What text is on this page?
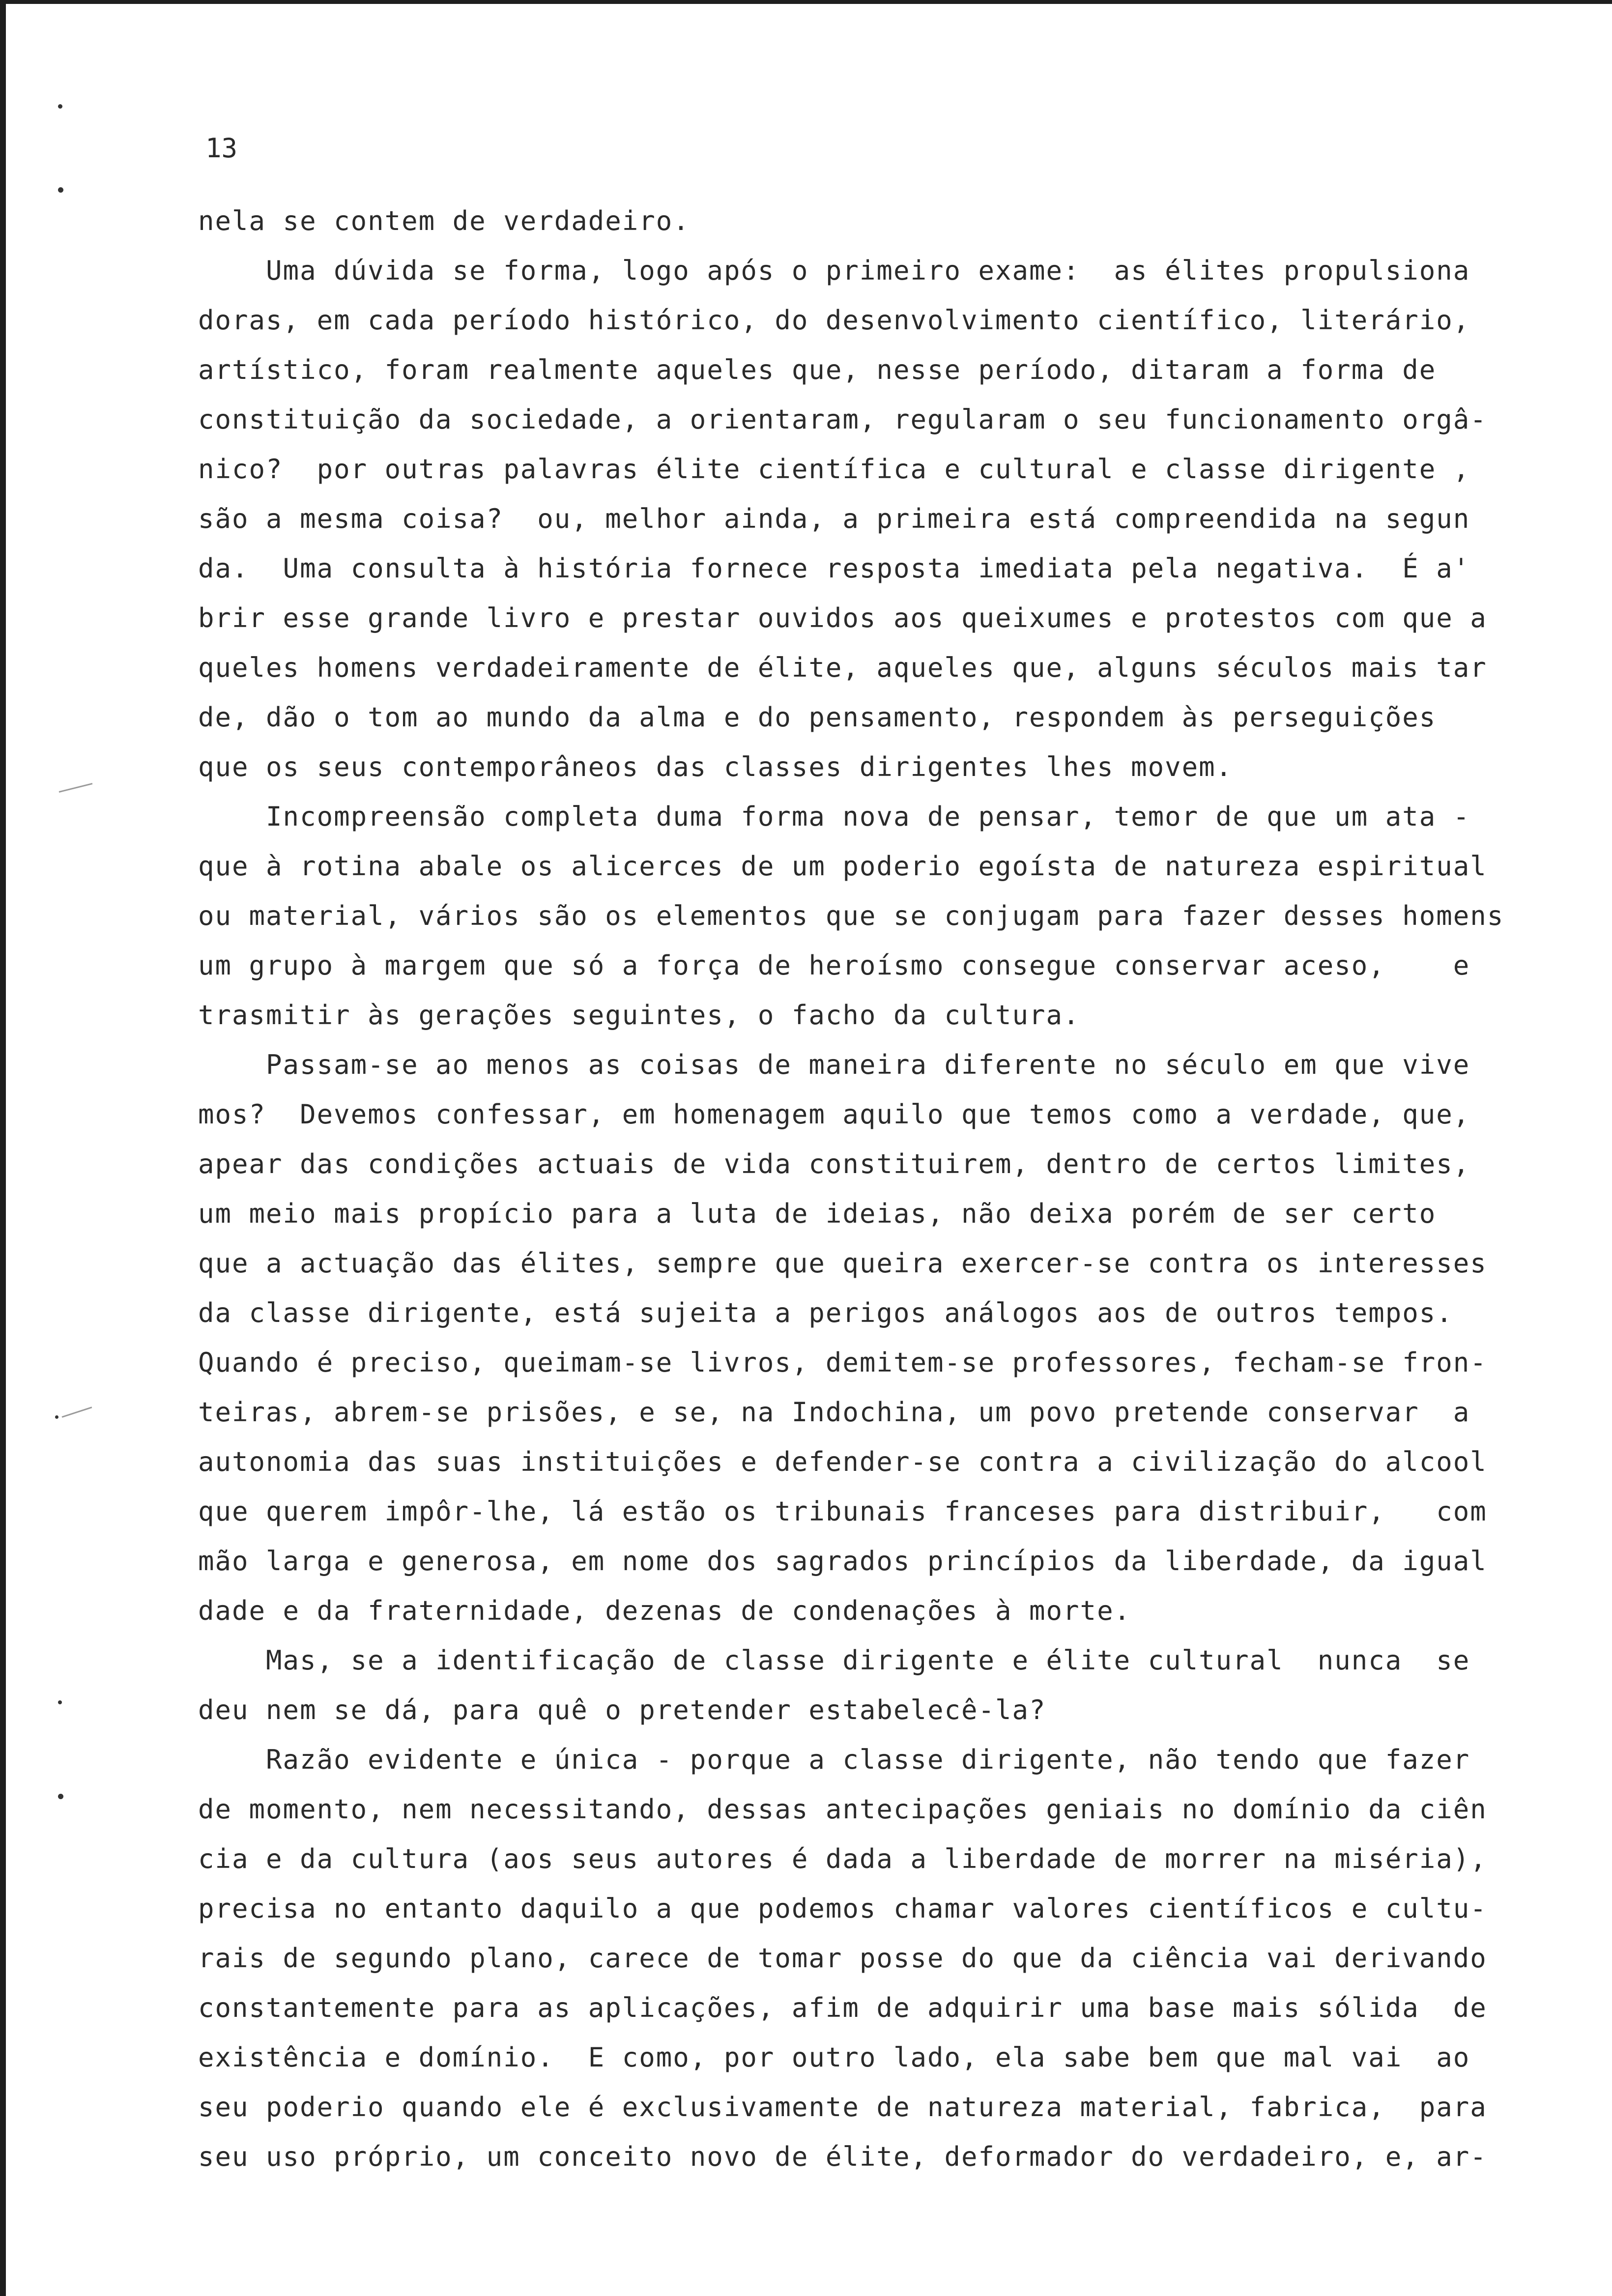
13
nela se contem de verdadeiro.
Uma dúvida se forma, logo após o primeiro exame:  as élites propulsiona
doras, em cada período histórico, do desenvolvimento científico, literário,
artístico, foram realmente aqueles que, nesse período, ditaram a forma de
constituição da sociedade, a orientaram, regularam o seu funcionamento orgâ-
nico?  por outras palavras élite científica e cultural e classe dirigente ,
são a mesma coisa?  ou, melhor ainda, a primeira está compreendida na segun
da.  Uma consulta à história fornece resposta imediata pela negativa.  É a'
brir esse grande livro e prestar ouvidos aos queixumes e protestos com que a
queles homens verdadeiramente de élite, aqueles que, alguns séculos mais tar
de, dão o tom ao mundo da alma e do pensamento, respondem às perseguições
que os seus contemporâneos das classes dirigentes lhes movem.
Incompreensão completa duma forma nova de pensar, temor de que um ata -
que à rotina abale os alicerces de um poderio egoísta de natureza espiritual
ou material, vários são os elementos que se conjugam para fazer desses homens
um grupo à margem que só a força de heroísmo consegue conservar aceso,    e
trasmitir às gerações seguintes, o facho da cultura.
Passam-se ao menos as coisas de maneira diferente no século em que vive
mos?  Devemos confessar, em homenagem aquilo que temos como a verdade, que,
apear das condições actuais de vida constituirem, dentro de certos limites,
um meio mais propício para a luta de ideias, não deixa porém de ser certo
que a actuação das élites, sempre que queira exercer-se contra os interesses
da classe dirigente, está sujeita a perigos análogos aos de outros tempos.
Quando é preciso, queimam-se livros, demitem-se professores, fecham-se fron-
teiras, abrem-se prisões, e se, na Indochina, um povo pretende conservar  a
autonomia das suas instituições e defender-se contra a civilização do alcool
que querem impôr-lhe, lá estão os tribunais franceses para distribuir,   com
mão larga e generosa, em nome dos sagrados princípios da liberdade, da igual
dade e da fraternidade, dezenas de condenações à morte.
Mas, se a identificação de classe dirigente e élite cultural  nunca  se
deu nem se dá, para quê o pretender estabelecê-la?
Razão evidente e única - porque a classe dirigente, não tendo que fazer
de momento, nem necessitando, dessas antecipações geniais no domínio da ciên
cia e da cultura (aos seus autores é dada a liberdade de morrer na miséria),
precisa no entanto daquilo a que podemos chamar valores científicos e cultu-
rais de segundo plano, carece de tomar posse do que da ciência vai derivando
constantemente para as aplicações, afim de adquirir uma base mais sólida  de
existência e domínio.  E como, por outro lado, ela sabe bem que mal vai  ao
seu poderio quando ele é exclusivamente de natureza material, fabrica,  para
seu uso próprio, um conceito novo de élite, deformador do verdadeiro, e, ar-
